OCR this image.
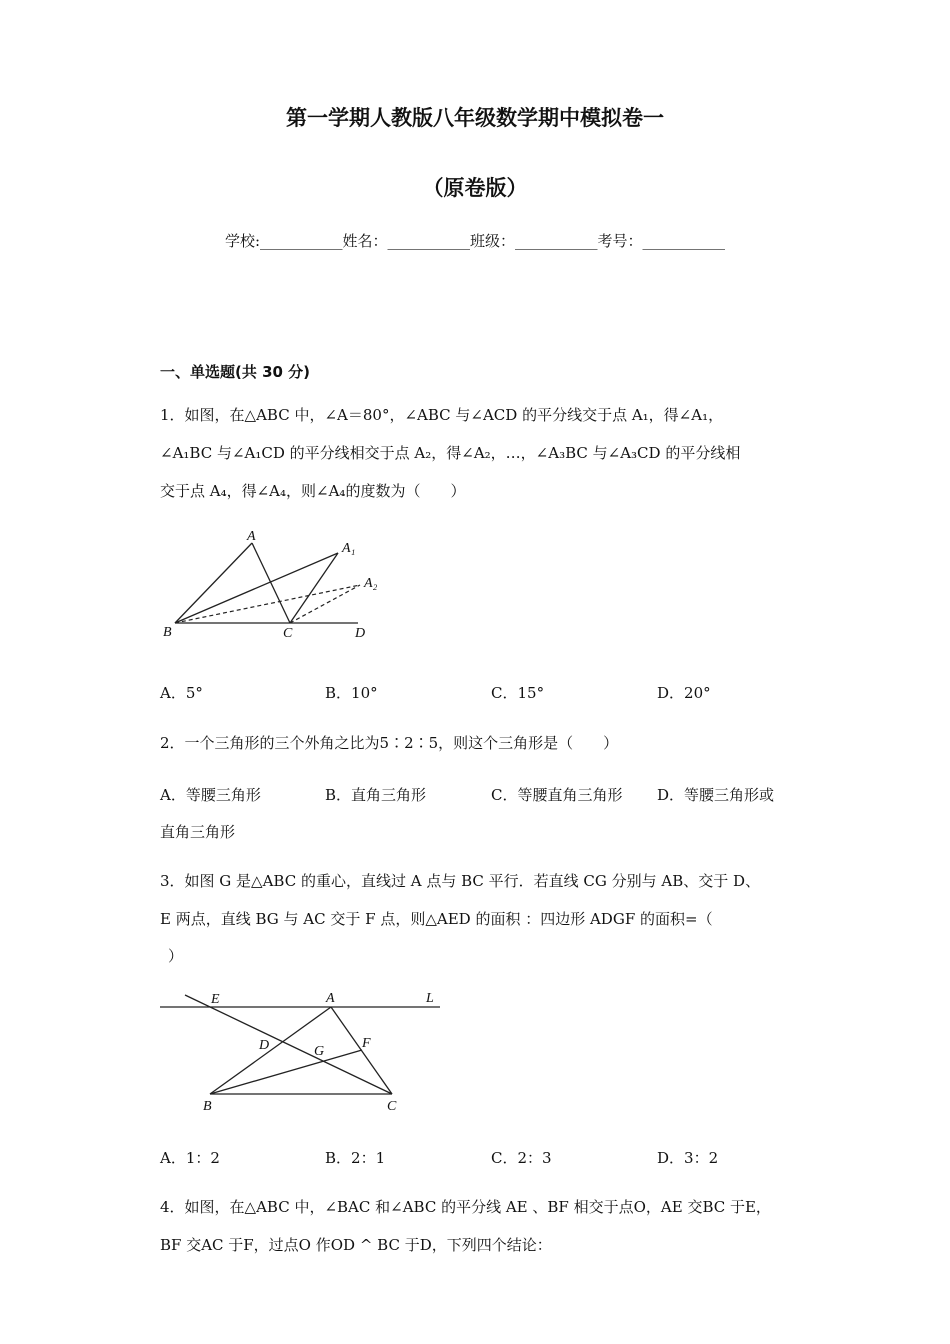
第一学期人教版八年级数学期中模拟卷一
（原卷版）
学校:___________姓名：___________班级：___________考号：___________
一、单选题(共 30 分)
1．如图，在△ABC 中，∠A＝80°，∠ABC 与∠ACD 的平分线交于点 A₁，得∠A₁，
∠A₁BC 与∠A₁CD 的平分线相交于点 A₂，得∠A₂，…，∠A₃BC 与∠A₃CD 的平分线相
交于点 A₄，得∠A₄，则∠A₄的度数为（　　）
A
A₁
A₂
B	C	D
A．5°	B．10°	C．15°	D．20°
2．一个三角形的三个外角之比为5∶2∶5，则这个三角形是（　　）
A．等腰三角形	B．直角三角形	C．等腰直角三角形 D．等腰三角形或
直角三角形
3．如图 G 是△ABC 的重心，直线过 A 点与 BC 平行．若直线 CG 分别与 AB、交于 D、
E 两点，直线 BG 与 AC 交于 F 点，则△AED 的面积 ：四边形 ADGF 的面积=（
）
E	A	L
D	G
F
B	C
A．1：2	B．2：1	C．2：3	D．3：2
4．如图，在△ABC 中，∠BAC 和∠ABC 的平分线 AE 、BF 相交于点O，AE 交BC 于E，
BF 交AC 于F，过点O 作OD ^ BC 于D，下列四个结论：
